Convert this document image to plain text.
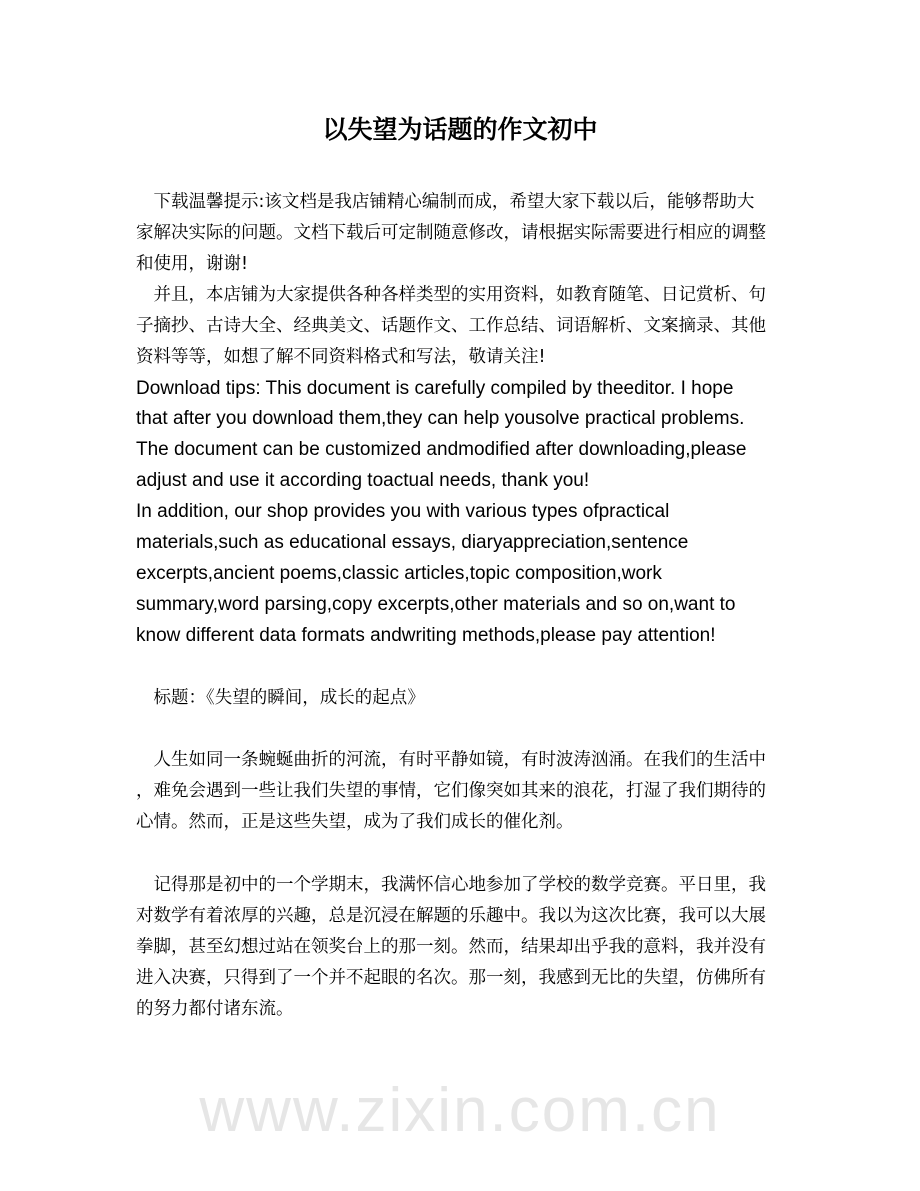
以失望为话题的作文初中
　下载温馨提示:该文档是我店铺精心编制而成，希望大家下载以后，能够帮助大
家解决实际的问题。文档下载后可定制随意修改，请根据实际需要进行相应的调整
和使用，谢谢!
　并且，本店铺为大家提供各种各样类型的实用资料，如教育随笔、日记赏析、句
子摘抄、古诗大全、经典美文、话题作文、工作总结、词语解析、文案摘录、其他
资料等等，如想了解不同资料格式和写法，敬请关注!
Download tips: This document is carefully compiled by theeditor. I hope
that after you download them,they can help yousolve practical problems.
The document can be customized andmodified after downloading,please
adjust and use it according toactual needs, thank you!
In addition, our shop provides you with various types ofpractical
materials,such as educational essays, diaryappreciation,sentence
excerpts,ancient poems,classic articles,topic composition,work
summary,word parsing,copy excerpts,other materials and so on,want to
know different data formats andwriting methods,please pay attention!
　标题：《失望的瞬间，成长的起点》
　人生如同一条蜿蜒曲折的河流，有时平静如镜，有时波涛汹涌。在我们的生活中
，难免会遇到一些让我们失望的事情，它们像突如其来的浪花，打湿了我们期待的
心情。然而，正是这些失望，成为了我们成长的催化剂。
　记得那是初中的一个学期末，我满怀信心地参加了学校的数学竞赛。平日里，我
对数学有着浓厚的兴趣，总是沉浸在解题的乐趣中。我以为这次比赛，我可以大展
拳脚，甚至幻想过站在领奖台上的那一刻。然而，结果却出乎我的意料，我并没有
进入决赛，只得到了一个并不起眼的名次。那一刻，我感到无比的失望，仿佛所有
的努力都付诸东流。
www.zixin.com.cn
